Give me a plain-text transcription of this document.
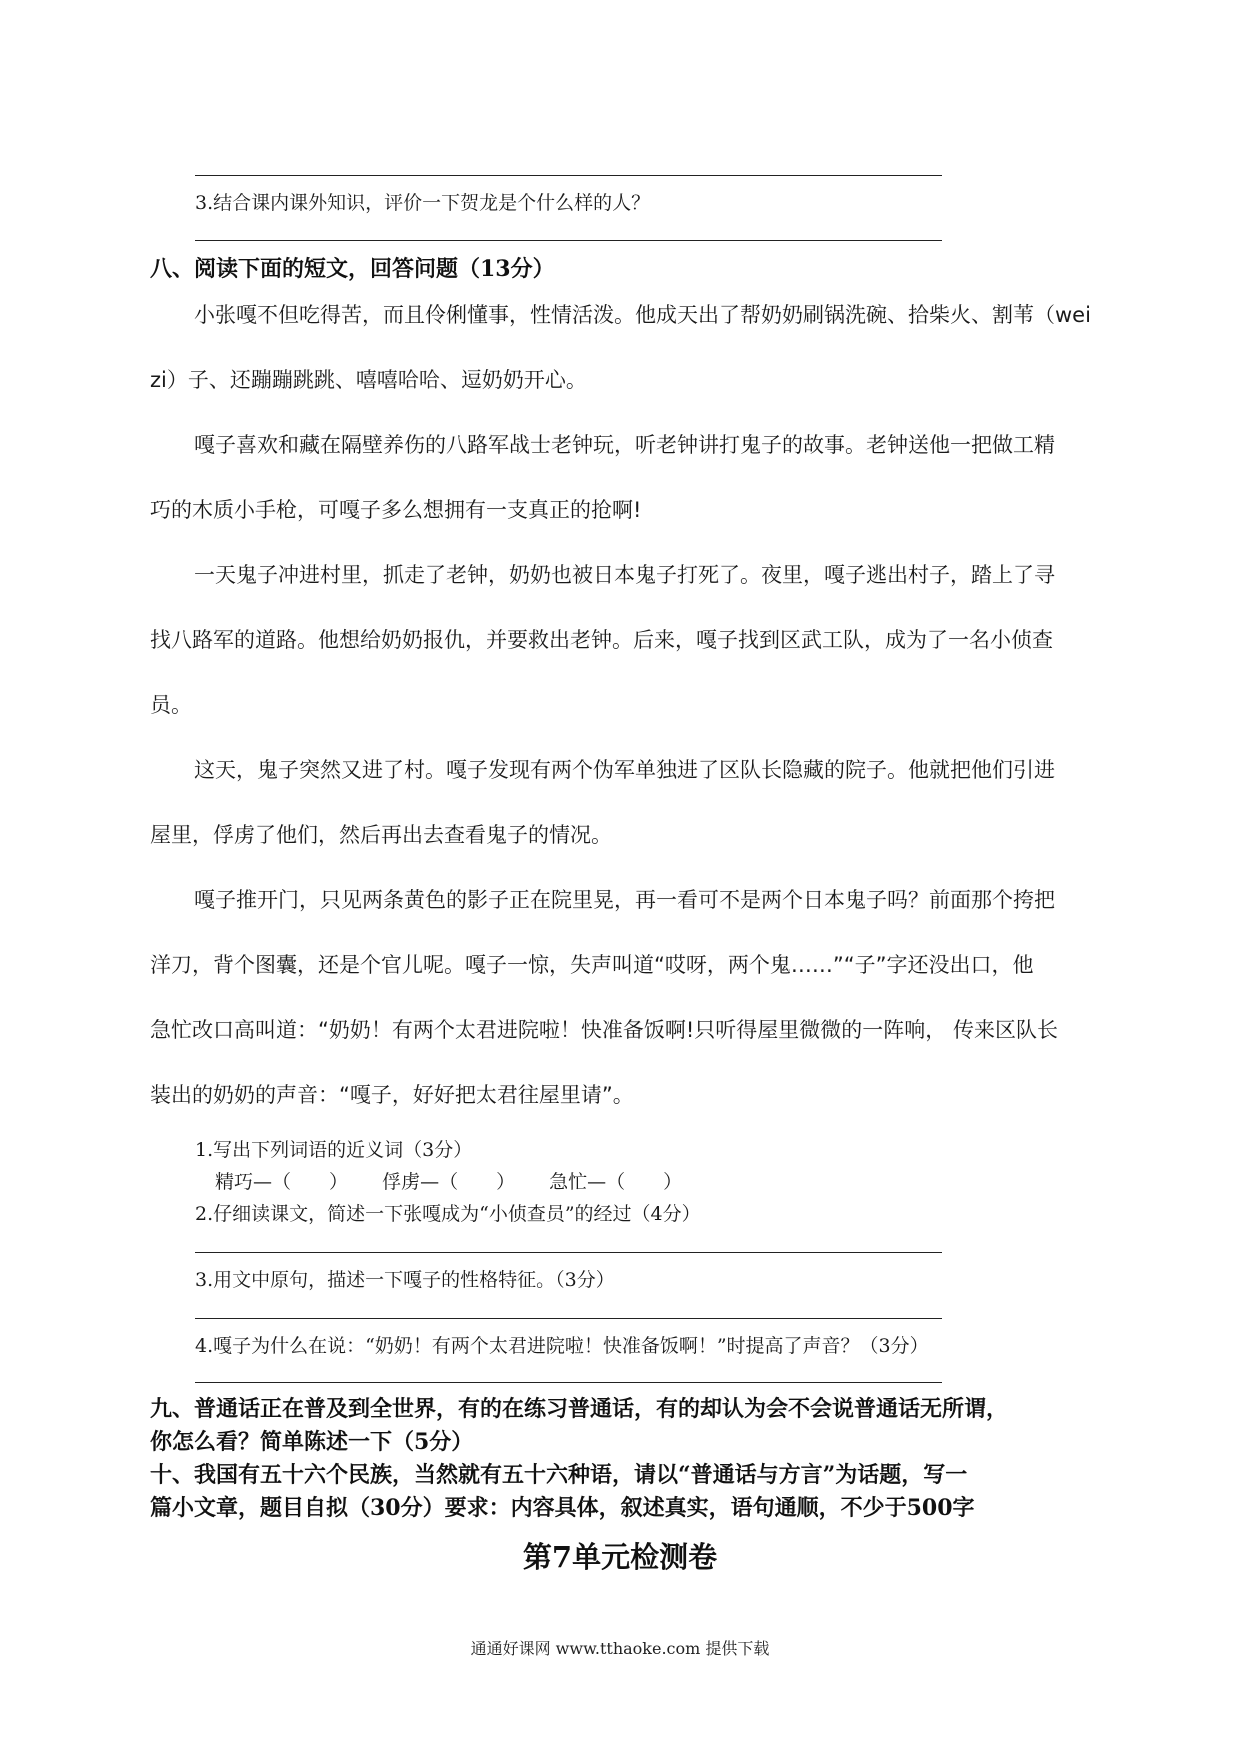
3.结合课内课外知识，评价一下贺龙是个什么样的人？
八、阅读下面的短文，回答问题（13分）

小张嘎不但吃得苦，而且伶俐懂事，性情活泼。他成天出了帮奶奶刷锅洗碗、拾柴火、割苇（wei

zi）子、还蹦蹦跳跳、嘻嘻哈哈、逗奶奶开心。

嘎子喜欢和藏在隔壁养伤的八路军战士老钟玩，听老钟讲打鬼子的故事。老钟送他一把做工精

巧的木质小手枪，可嘎子多么想拥有一支真正的抢啊!

一天鬼子冲进村里，抓走了老钟，奶奶也被日本鬼子打死了。夜里，嘎子逃出村子，踏上了寻

找八路军的道路。他想给奶奶报仇，并要救出老钟。后来，嘎子找到区武工队，成为了一名小侦查

员。

这天，鬼子突然又进了村。嘎子发现有两个伪军单独进了区队长隐藏的院子。他就把他们引进

屋里，俘虏了他们，然后再出去查看鬼子的情况。

嘎子推开门，只见两条黄色的影子正在院里晃，再一看可不是两个日本鬼子吗？前面那个挎把

洋刀，背个图囊，还是个官儿呢。嘎子一惊，失声叫道“哎呀，两个鬼……”“子”字还没出口，他

急忙改口高叫道：“奶奶！有两个太君进院啦！快准备饭啊!只听得屋里微微的一阵响， 传来区队长

装出的奶奶的声音：“嘎子，好好把太君往屋里请”。

1.写出下列词语的近义词（3分）
精巧—（　　） 俘虏—（　　） 急忙—（　　）
2.仔细读课文，简述一下张嘎成为“小侦查员”的经过（4分）
3.用文中原句，描述一下嘎子的性格特征。（3分）
4.嘎子为什么在说：“奶奶！有两个太君进院啦！快准备饭啊！”时提高了声音？（3分）

九、普通话正在普及到全世界，有的在练习普通话，有的却认为会不会说普通话无所谓，

你怎么看？简单陈述一下（5分）

十、我国有五十六个民族，当然就有五十六种语，请以“普通话与方言”为话题，写一

篇小文章，题目自拟（30分）要求：内容具体，叙述真实，语句通顺，不少于500字

第7单元检测卷
通通好课网 www.tthaoke.com 提供下载
